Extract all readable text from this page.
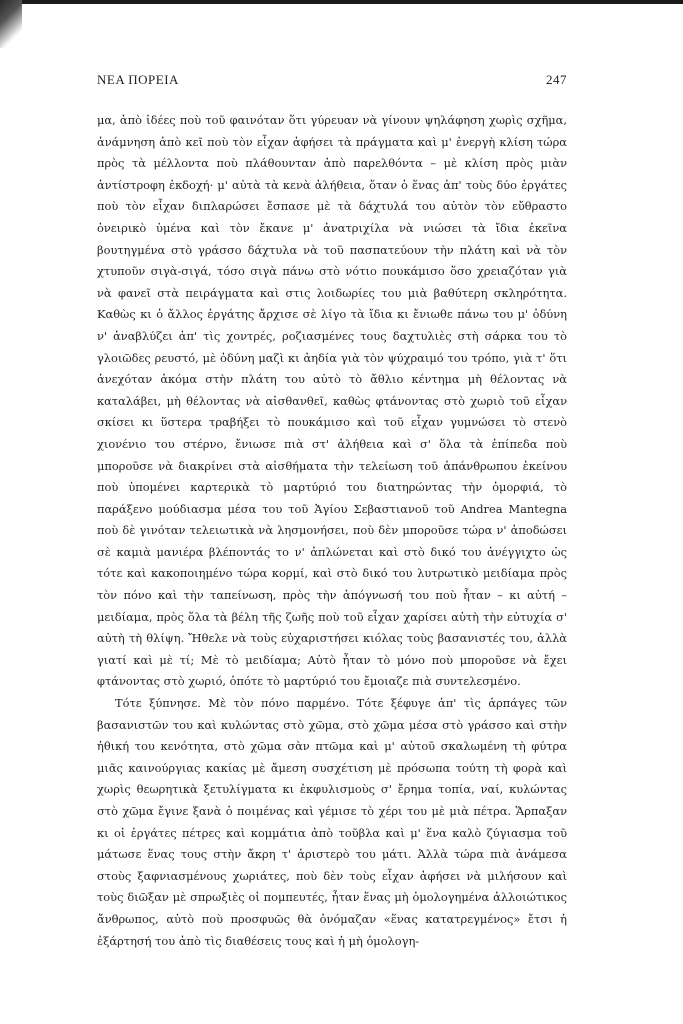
ΝΕΑ ΠΟΡΕΙΑ	247

μα, ἀπὸ ἰδέες ποὺ τοῦ φαινόταν ὅτι γύρευαν νὰ γίνουν ψηλάφηση χωρὶς σχῆμα, ἀνάμνηση ἀπὸ κεῖ ποὺ τὸν εἶχαν ἀφήσει τὰ πράγματα καὶ μ' ἐνεργὴ κλίση τώρα πρὸς τὰ μέλλοντα ποὺ πλάθουνταν ἀπὸ παρελθόντα – μὲ κλίση πρὸς μιὰν ἀντίστροφη ἐκδοχή· μ' αὐτὰ τὰ κενὰ ἀλήθεια, ὅταν ὁ ἕνας ἀπ' τοὺς δύο ἐργάτες ποὺ τὸν εἶχαν διπλαρώσει ἔσπασε μὲ τὰ δάχτυλά του αὐτὸν τὸν εὔθραστο ὀνειρικὸ ὑμένα καὶ τὸν ἔκανε μ' ἀνατριχίλα νὰ νιώσει τὰ ἴδια ἐκεῖνα βουτηγμένα στὸ γράσσο δάχτυλα νὰ τοῦ πασπατεύουν τὴν πλάτη καὶ νὰ τὸν χτυποῦν σιγὰ-σιγά, τόσο σιγὰ πάνω στὸ νότιο πουκάμισο ὅσο χρειαζόταν γιὰ νὰ φανεῖ στὰ πειράγματα καὶ στις λοιδωρίες του μιὰ βαθύτερη σκληρότητα. Καθὼς κι ὁ ἄλλος ἐργάτης ἄρχισε σὲ λίγο τὰ ἴδια κι ἔνιωθε πάνω του μ' ὀδύνη ν' ἀναβλύζει ἀπ' τὶς χοντρές, ροζιασμένες τους δαχτυλιὲς στὴ σάρκα του τὸ γλοιῶδες ρευστό, μὲ ὀδύνη μαζὶ κι ἀηδία γιὰ τὸν ψύχραιμό του τρόπο, γιὰ τ' ὅτι ἀνεχόταν ἀκόμα στὴν πλάτη του αὐτὸ τὸ ἄθλιο κέντημα μὴ θέλοντας νὰ καταλάβει, μὴ θέλοντας νὰ αἰσθανθεῖ, καθὼς φτάνοντας στὸ χωριὸ τοῦ εἶχαν σκίσει κι ὕστερα τραβήξει τὸ πουκάμισο καὶ τοῦ εἶχαν γυμνώσει τὸ στενὸ χιονένιο του στέρνο, ἔνιωσε πιὰ στ' ἀλήθεια καὶ σ' ὅλα τὰ ἐπίπεδα ποὺ μποροῦσε νὰ διακρίνει στὰ αἰσθήματα τὴν τελείωση τοῦ ἀπάνθρωπου ἐκείνου ποὺ ὑπομένει καρτερικὰ τὸ μαρτύριό του διατηρώντας τὴν ὀμορφιά, τὸ παράξενο μούδιασμα μέσα του τοῦ Ἁγίου Σεβαστιανοῦ τοῦ Andrea Mantegna ποὺ δὲ γινόταν τελειωτικὰ νὰ λησμονήσει, ποὺ δὲν μποροῦσε τώρα ν' ἀποδώσει σὲ καμιὰ μανιέρα βλέποντάς το ν' ἀπλώνεται καὶ στὸ δικό του ἀνέγγιχτο ὡς τότε καὶ κακοποιημένο τώρα κορμί, καὶ στὸ δικό του λυτρωτικὸ μειδίαμα πρὸς τὸν πόνο καὶ τὴν ταπείνωση, πρὸς τὴν ἀπόγνωσή του ποὺ ἦταν – κι αὐτή – μειδίαμα, πρὸς ὅλα τὰ βέλη τῆς ζωῆς ποὺ τοῦ εἶχαν χαρίσει αὐτὴ τὴν εὐτυχία σ' αὐτὴ τὴ θλίψη. Ἤθελε νὰ τοὺς εὐχαριστήσει κιόλας τοὺς βασανιστές του, ἀλλὰ γιατί καὶ μὲ τί; Μὲ τὸ μειδίαμα; Αὐτὸ ἦταν τὸ μόνο ποὺ μποροῦσε νὰ ἔχει φτάνοντας στὸ χωριό, ὁπότε τὸ μαρτύριό του ἔμοιαζε πιὰ συντελεσμένο.

Τότε ξύπνησε. Μὲ τὸν πόνο παρμένο. Τότε ξέφυγε ἀπ' τὶς ἁρπάγες τῶν βασανιστῶν του καὶ κυλώντας στὸ χῶμα, στὸ χῶμα μέσα στὸ γράσσο καὶ στὴν ἠθική του κενότητα, στὸ χῶμα σὰν πτῶμα καὶ μ' αὐτοῦ σκαλωμένη τὴ φύτρα μιᾶς καινούργιας κακίας μὲ ἄμεση συσχέτιση μὲ πρόσωπα τούτη τὴ φορὰ καὶ χωρὶς θεωρητικὰ ξετυλίγματα κι ἐκφυλισμοὺς σ' ἔρημα τοπία, ναί, κυλώντας στὸ χῶμα ἔγινε ξανὰ ὁ ποιμένας καὶ γέμισε τὸ χέρι του μὲ μιὰ πέτρα. Ἅρπαξαν κι οἱ ἐργάτες πέτρες καὶ κομμάτια ἀπὸ τοῦβλα καὶ μ' ἕνα καλὸ ζύγιασμα τοῦ μάτωσε ἕνας τους στὴν ἄκρη τ' ἀριστερὸ του μάτι. Ἀλλὰ τώρα πιὰ ἀνάμεσα στοὺς ξαφνιασμένους χωριάτες, ποὺ δὲν τοὺς εἶχαν ἀφήσει νὰ μιλήσουν καὶ τοὺς διῶξαν μὲ σπρωξιὲς οἱ πομπευτές, ἦταν ἕνας μὴ ὁμολογημένα ἀλλοιώτικος ἄνθρωπος, αὐτὸ ποὺ προσφυῶς θὰ ὀνόμαζαν «ἕνας κατατρεγμένος» ἔτσι ἡ ἐξάρτησή του ἀπὸ τὶς διαθέσεις τους καὶ ἡ μὴ ὁμολογη-
